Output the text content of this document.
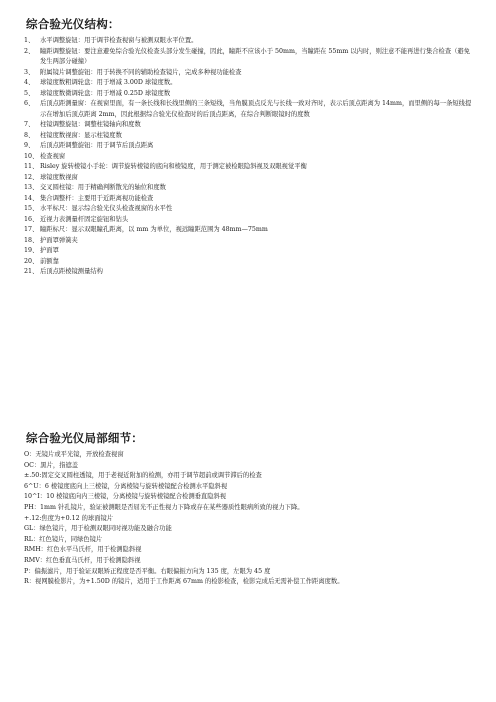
综合验光仪结构：
1、 水平调整旋钮：用于调节检查视窗与被测双眼水平位置。
2、 瞳距调整旋钮：要注意避免综合验光仪检查头部分发生碰撞，因此，瞳距不应该小于 50mm，当瞳距在 55mm 以内时，则注意不能再进行集合检查（避免发生两部分碰撞）
3、 附属镜片调整旋钮：用于转换不同的辅助检查镜片，完成多种视功能检查
4、 球镜度数粗调轮盘：用于增减 3.00D 球镜度数。
5、 球镜度数微调轮盘：用于增减 0.25D 球镜度数
6、 后顶点距测量窗：在视窗里面，有一条长线和长线里侧的三条短线，当角膜顶点反光与长线一致对齐时，表示后顶点距离为 14mm，而里侧的每一条短线提示在增加后顶点距离 2mm，因此根据综合验光仪检查时的后顶点距离，在综合判断眼镜时的度数
7、 柱镜调整旋钮：调整柱镜轴向和度数
8、 柱镜度数视窗：显示柱镜度数
9、 后顶点距调整旋钮：用于调节后顶点距离
10、 检查视窗
11、 Risley 旋转棱镜小手轮：调节旋转棱镜的底向和棱镜度，用于测定被检眼隐斜视及双眼视觉平衡
12、 球镜度数视窗
13、 交叉圆柱镜：用于精确判断散光的轴位和度数
14、 集合调整杆：主要用于近距离视功能检查
15、 水平标尺：显示综合验光仪头检查视窗的水平性
16、 近视力表测量杆固定旋钮和钻头
17、 瞳距标尺：显示双眼瞳孔距离，以 mm 为单位，视远瞳距范围为 48mm—75mm
18、 护面罩弹簧夹
19、 护面罩
20、 前额靠
21、 后顶点距棱镜测量结构
综合验光仪局部细节：
O：无镜片或平光镜，开放检查视窗
OC：黑片，指遮盖
±.50:固定交叉圆柱透镜，用于老视近附加的检测，亦用于调节超前或调节滞后的检查
6^U：6 棱镜度底向上三棱镜，分离棱镜与旋转棱镜配合检测水平隐斜视
10^I：10 棱镜底向内三棱镜，分离棱镜与旋转棱镜配合检测垂直隐斜视
PH：1mm 针孔镜片，验证被测眼是否屈光不正性视力下降或存在某些器质性眼病所致的视力下降。
+.12:焦度为+0.12 的球面镜片
GL：绿色镜片，用于检测双眼同时视功能及融合功能
RL：红色镜片，同绿色镜片
RMH：红色水平马氏杆，用于检测隐斜视
RMV：红色垂直马氏杆，用于检测隐斜视
P：偏振滤片，用于验证双眼矫正程度是否平衡。右眼偏振方向为 135 度，左眼为 45 度
R：视网膜检影片，为+1.50D 的镜片，适用于工作距离 67mm 的检影检查，检影完成后无需补偿工作距离度数。
